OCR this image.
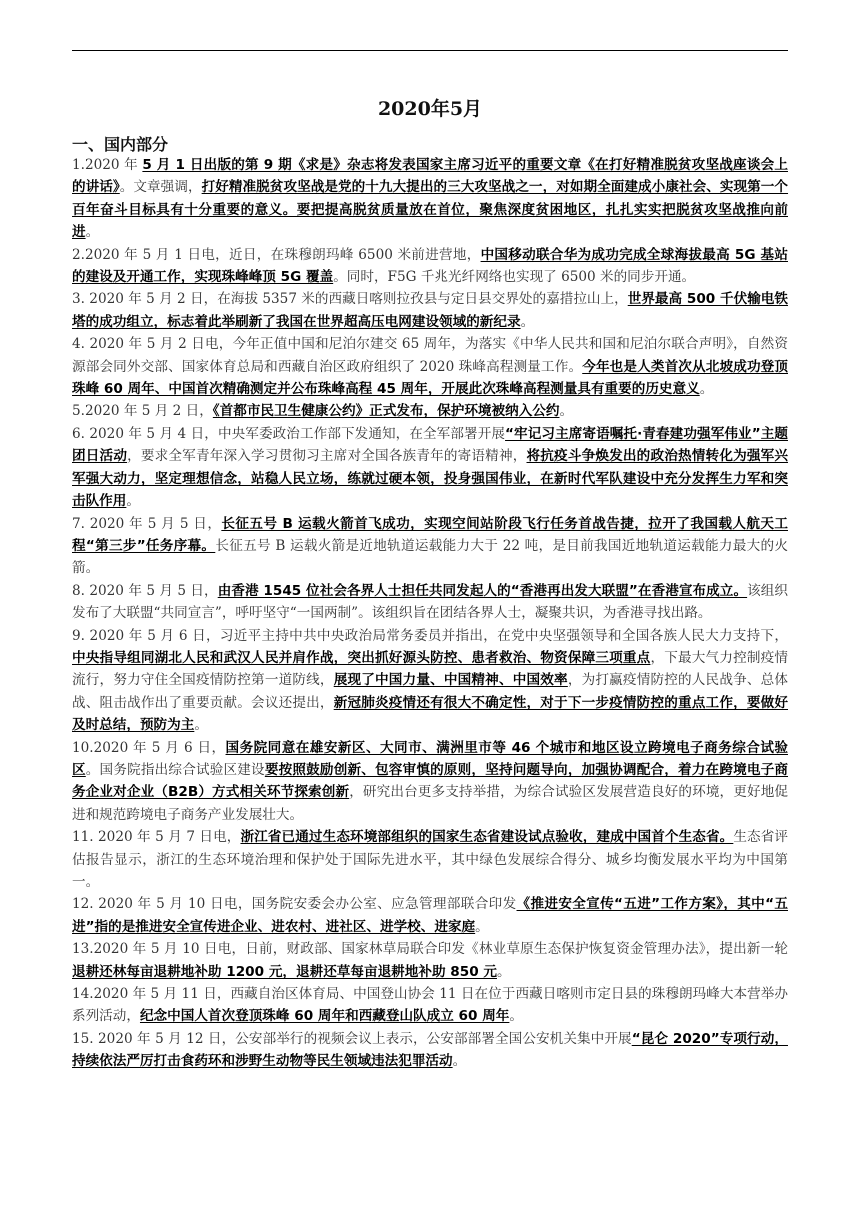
2020年5月
一、国内部分

1.2020 年 5 月 1 日出版的第 9 期《求是》杂志将发表国家主席习近平的重要文章《在打好精准脱贫攻坚战座谈会上的讲话》。文章强调，打好精准脱贫攻坚战是党的十九大提出的三大攻坚战之一，对如期全面建成小康社会、实现第一个百年奋斗目标具有十分重要的意义。要把提高脱贫质量放在首位，聚焦深度贫困地区，扎扎实实把脱贫攻坚战推向前进。

2.2020 年 5 月 1 日电，近日，在珠穆朗玛峰 6500 米前进营地，中国移动联合华为成功完成全球海拔最高 5G 基站的建设及开通工作，实现珠峰峰顶 5G 覆盖。同时，F5G 千兆光纤网络也实现了 6500 米的同步开通。

3. 2020 年 5 月 2 日，在海拔 5357 米的西藏日喀则拉孜县与定日县交界处的嘉措拉山上，世界最高 500 千伏输电铁塔的成功组立，标志着此举刷新了我国在世界超高压电网建设领域的新纪录。

4. 2020 年 5 月 2 日电，今年正值中国和尼泊尔建交 65 周年，为落实《中华人民共和国和尼泊尔联合声明》，自然资源部会同外交部、国家体育总局和西藏自治区政府组织了 2020 珠峰高程测量工作。今年也是人类首次从北坡成功登顶珠峰 60 周年、中国首次精确测定并公布珠峰高程 45 周年，开展此次珠峰高程测量具有重要的历史意义。

5.2020 年 5 月 2 日，《首都市民卫生健康公约》正式发布，保护环境被纳入公约。

6. 2020 年 5 月 4 日，中央军委政治工作部下发通知，在全军部署开展“牢记习主席寄语嘱托·青春建功强军伟业”主题团日活动，要求全军青年深入学习贯彻习主席对全国各族青年的寄语精神，将抗疫斗争焕发出的政治热情转化为强军兴军强大动力，坚定理想信念，站稳人民立场，练就过硬本领，投身强国伟业，在新时代军队建设中充分发挥生力军和突击队作用。

7. 2020 年 5 月 5 日，长征五号 B 运载火箭首飞成功，实现空间站阶段飞行任务首战告捷，拉开了我国载人航天工程“第三步”任务序幕。长征五号 B 运载火箭是近地轨道运载能力大于 22 吨，是目前我国近地轨道运载能力最大的火箭。

8. 2020 年 5 月 5 日，由香港 1545 位社会各界人士担任共同发起人的“香港再出发大联盟”在香港宣布成立。该组织发布了大联盟“共同宣言”，呼吁坚守“一国两制”。该组织旨在团结各界人士，凝聚共识，为香港寻找出路。

9. 2020 年 5 月 6 日，习近平主持中共中央政治局常务委员并指出，在党中央坚强领导和全国各族人民大力支持下，中央指导组同湖北人民和武汉人民并肩作战，突出抓好源头防控、患者救治、物资保障三项重点，下最大气力控制疫情流行，努力守住全国疫情防控第一道防线，展现了中国力量、中国精神、中国效率，为打赢疫情防控的人民战争、总体战、阻击战作出了重要贡献。会议还提出，新冠肺炎疫情还有很大不确定性，对于下一步疫情防控的重点工作，要做好及时总结，预防为主。

10.2020 年 5 月 6 日，国务院同意在雄安新区、大同市、满洲里市等 46 个城市和地区设立跨境电子商务综合试验区。国务院指出综合试验区建设要按照鼓励创新、包容审慎的原则，坚持问题导向，加强协调配合，着力在跨境电子商务企业对企业（B2B）方式相关环节探索创新，研究出台更多支持举措，为综合试验区发展营造良好的环境，更好地促进和规范跨境电子商务产业发展壮大。

11. 2020 年 5 月 7 日电，浙江省已通过生态环境部组织的国家生态省建设试点验收，建成中国首个生态省。生态省评估报告显示，浙江的生态环境治理和保护处于国际先进水平，其中绿色发展综合得分、城乡均衡发展水平均为中国第一。

12. 2020 年 5 月 10 日电，国务院安委会办公室、应急管理部联合印发《推进安全宣传“五进”工作方案》，其中“五进”指的是推进安全宣传进企业、进农村、进社区、进学校、进家庭。

13.2020 年 5 月 10 日电，日前，财政部、国家林草局联合印发《林业草原生态保护恢复资金管理办法》，提出新一轮退耕还林每亩退耕地补助 1200 元，退耕还草每亩退耕地补助 850 元。

14.2020 年 5 月 11 日，西藏自治区体育局、中国登山协会 11 日在位于西藏日喀则市定日县的珠穆朗玛峰大本营举办系列活动，纪念中国人首次登顶珠峰 60 周年和西藏登山队成立 60 周年。

15. 2020 年 5 月 12 日，公安部举行的视频会议上表示，公安部部署全国公安机关集中开展“昆仑 2020”专项行动，持续依法严厉打击食药环和涉野生动物等民生领域违法犯罪活动。
